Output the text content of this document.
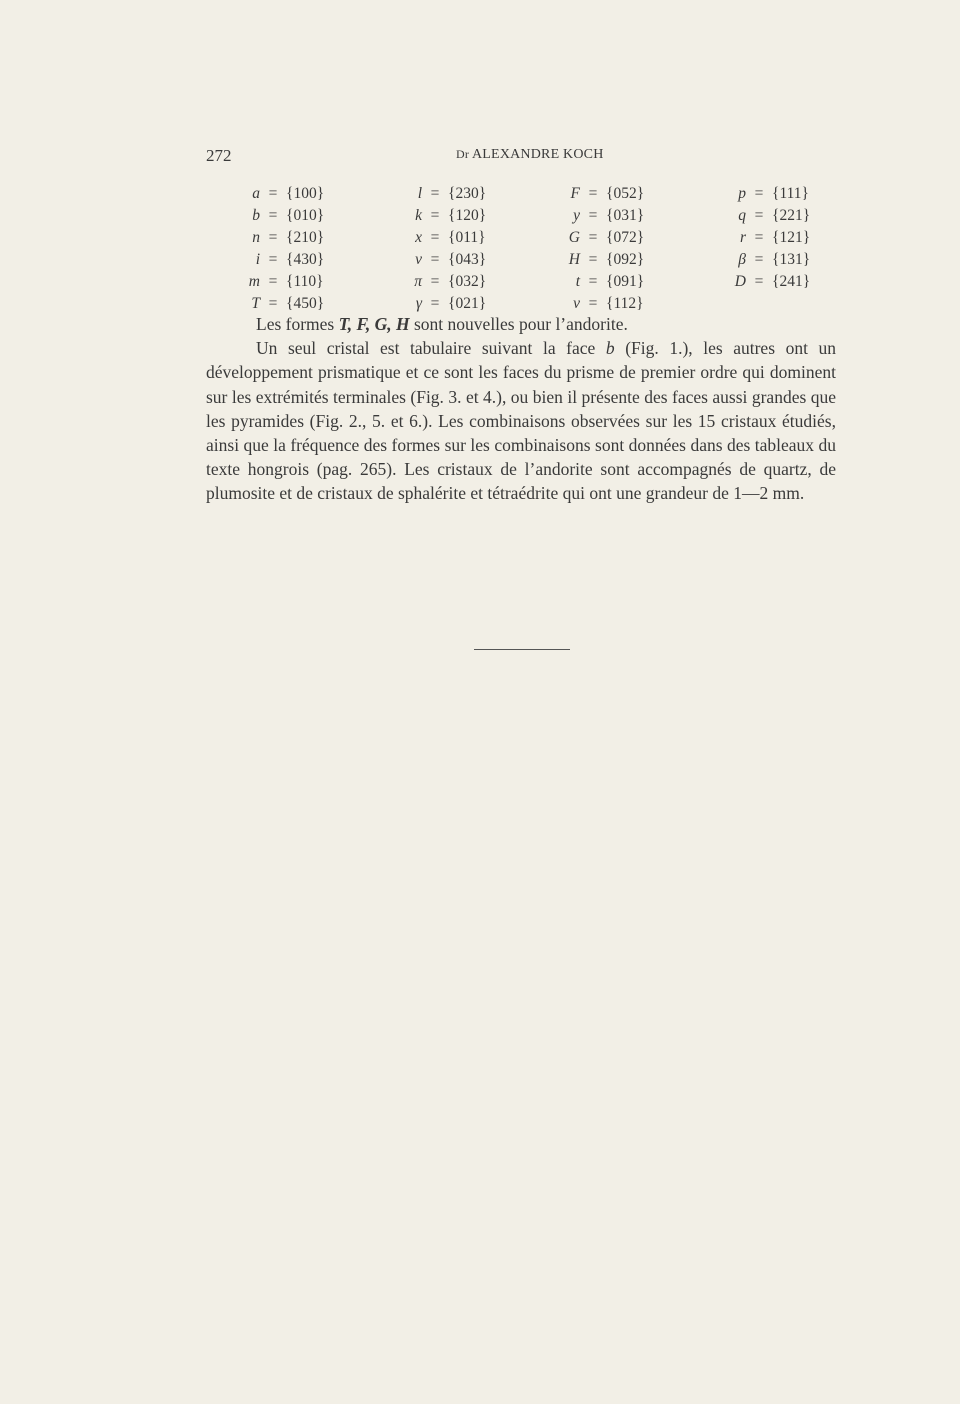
272	Dr ALEXANDRE KOCH
a = {100}	l = {230}	F = {052}	p = {111}
b = {010}	k = {120}	y = {031}	q = {221}
n = {210}	x = {011}	G = {072}	r = {121}
i = {430}	v = {043}	H = {092}	β = {131}
m = {110}	π = {032}	t = {091}	D = {241}
T = {450}	γ = {021}	v = {112}

Les formes T, F, G, H sont nouvelles pour l’andorite.

Un seul cristal est tabulaire suivant la face b (Fig. 1.), les autres ont un développement prismatique et ce sont les faces du prisme de premier ordre qui dominent sur les extrémités terminales (Fig. 3. et 4.), ou bien il présente des faces aussi grandes que les pyramides (Fig. 2., 5. et 6.). Les combinaisons observées sur les 15 cristaux étudiés, ainsi que la fréquence des formes sur les combinaisons sont données dans des tableaux du texte hongrois (pag. 265). Les cristaux de l’andorite sont accompagnés de quartz, de plumosite et de cristaux de sphalérite et tétraédrite qui ont une grandeur de 1—2 mm.
